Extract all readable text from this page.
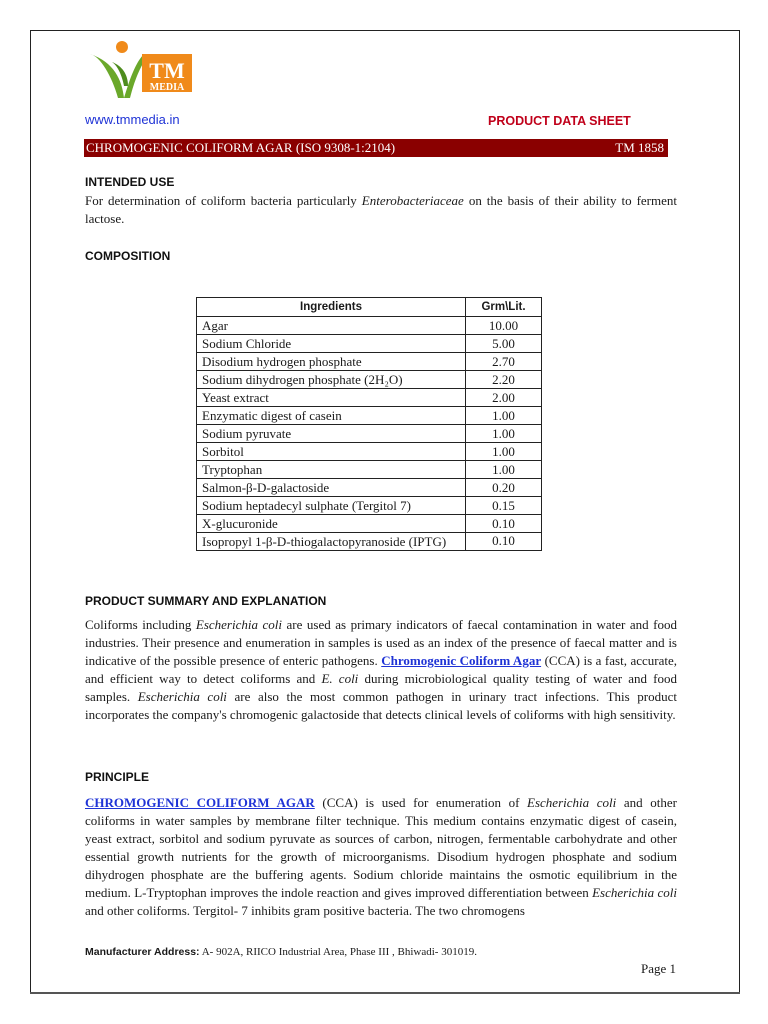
TM
MEDIA
www.tmmedia.in	PRODUCT DATA SHEET
CHROMOGENIC COLIFORM AGAR (ISO 9308-1:2104)	TM 1858
INTENDED USE
For determination of coliform bacteria particularly Enterobacteriaceae on the basis of their ability to ferment lactose.
COMPOSITION
Ingredients	Grm\Lit.
Agar	10.00
Sodium Chloride	5.00
Disodium hydrogen phosphate	2.70
Sodium dihydrogen phosphate (2H₂O)	2.20
Yeast extract	2.00
Enzymatic digest of casein	1.00
Sodium pyruvate	1.00
Sorbitol	1.00
Tryptophan	1.00
Salmon-β-D-galactoside	0.20
Sodium heptadecyl sulphate (Tergitol 7)	0.15
X-glucuronide	0.10
Isopropyl 1-β-D-thiogalactopyranoside (IPTG)	0.10
PRODUCT SUMMARY AND EXPLANATION
Coliforms including Escherichia coli are used as primary indicators of faecal contamination in water and food industries. Their presence and enumeration in samples is used as an index of the presence of faecal matter and is indicative of the possible presence of enteric pathogens. Chromogenic Coliform Agar (CCA) is a fast, accurate, and efficient way to detect coliforms and E. coli during microbiological quality testing of water and food samples. Escherichia coli are also the most common pathogen in urinary tract infections. This product incorporates the company's chromogenic galactoside that detects clinical levels of coliforms with high sensitivity.
PRINCIPLE
CHROMOGENIC COLIFORM AGAR (CCA) is used for enumeration of Escherichia coli and other coliforms in water samples by membrane filter technique. This medium contains enzymatic digest of casein, yeast extract, sorbitol and sodium pyruvate as sources of carbon, nitrogen, fermentable carbohydrate and other essential growth nutrients for the growth of microorganisms. Disodium hydrogen phosphate and sodium dihydrogen phosphate are the buffering agents. Sodium chloride maintains the osmotic equilibrium in the medium. L-Tryptophan improves the indole reaction and gives improved differentiation between Escherichia coli and other coliforms. Tergitol- 7 inhibits gram positive bacteria. The two chromogens
Manufacturer Address: A- 902A, RIICO Industrial Area, Phase III , Bhiwadi- 301019.
Page 1
